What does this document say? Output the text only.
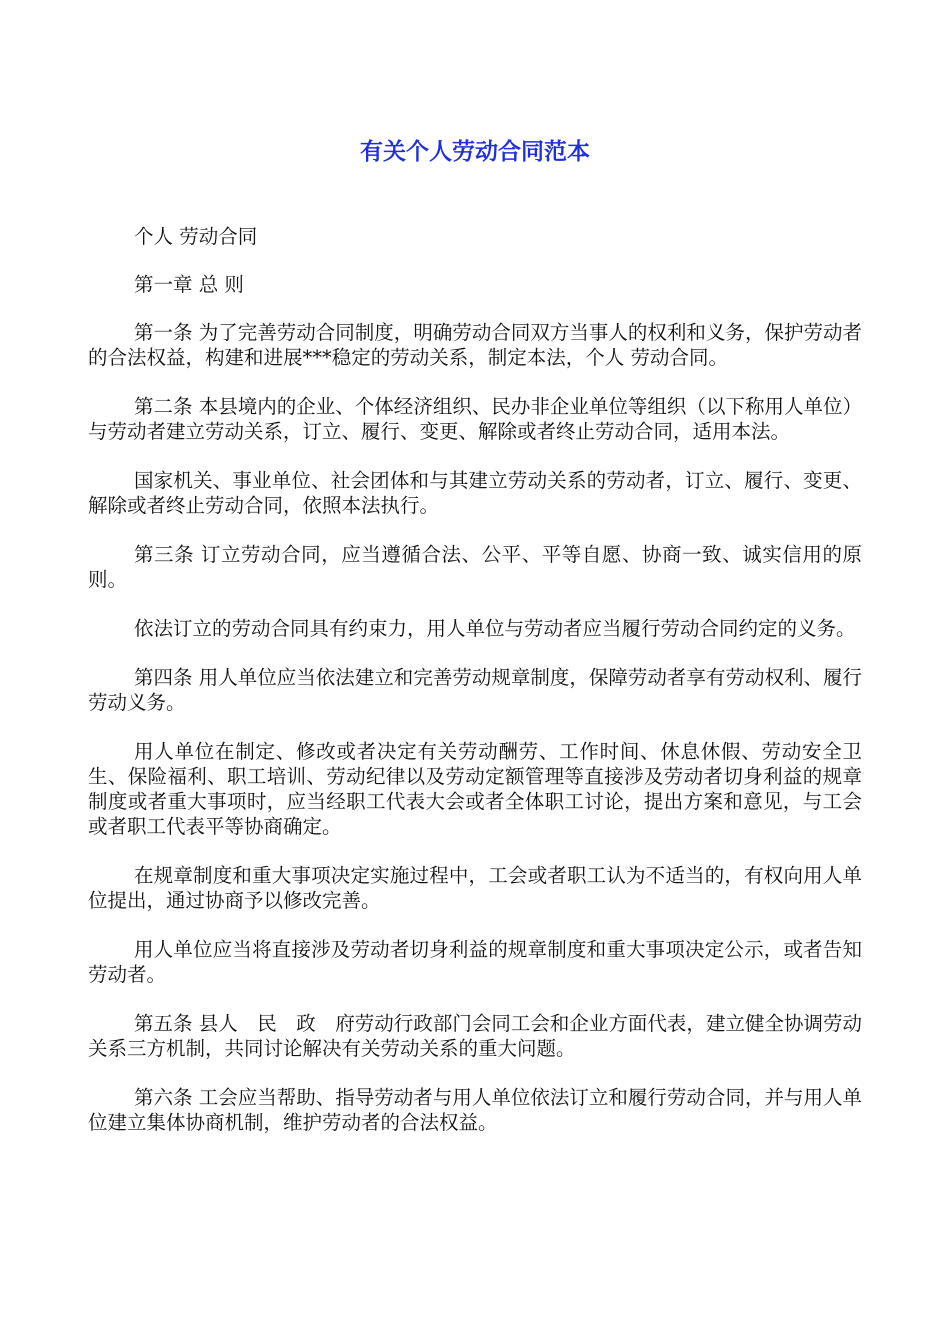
有关个人劳动合同范本

个人 劳动合同

第一章 总 则

第一条 为了完善劳动合同制度，明确劳动合同双方当事人的权利和义务，保护劳动者的合法权益，构建和进展***稳定的劳动关系，制定本法，个人 劳动合同。

第二条 本县境内的企业、个体经济组织、民办非企业单位等组织（以下称用人单位）与劳动者建立劳动关系，订立、履行、变更、解除或者终止劳动合同，适用本法。

国家机关、事业单位、社会团体和与其建立劳动关系的劳动者，订立、履行、变更、解除或者终止劳动合同，依照本法执行。

第三条 订立劳动合同，应当遵循合法、公平、平等自愿、协商一致、诚实信用的原则。

依法订立的劳动合同具有约束力，用人单位与劳动者应当履行劳动合同约定的义务。

第四条 用人单位应当依法建立和完善劳动规章制度，保障劳动者享有劳动权利、履行劳动义务。

用人单位在制定、修改或者决定有关劳动酬劳、工作时间、休息休假、劳动安全卫生、保险福利、职工培训、劳动纪律以及劳动定额管理等直接涉及劳动者切身利益的规章制度或者重大事项时，应当经职工代表大会或者全体职工讨论，提出方案和意见，与工会或者职工代表平等协商确定。

在规章制度和重大事项决定实施过程中，工会或者职工认为不适当的，有权向用人单位提出，通过协商予以修改完善。

用人单位应当将直接涉及劳动者切身利益的规章制度和重大事项决定公示，或者告知劳动者。

第五条 县人　民　政　府劳动行政部门会同工会和企业方面代表，建立健全协调劳动关系三方机制，共同讨论解决有关劳动关系的重大问题。

第六条 工会应当帮助、指导劳动者与用人单位依法订立和履行劳动合同，并与用人单位建立集体协商机制，维护劳动者的合法权益。
